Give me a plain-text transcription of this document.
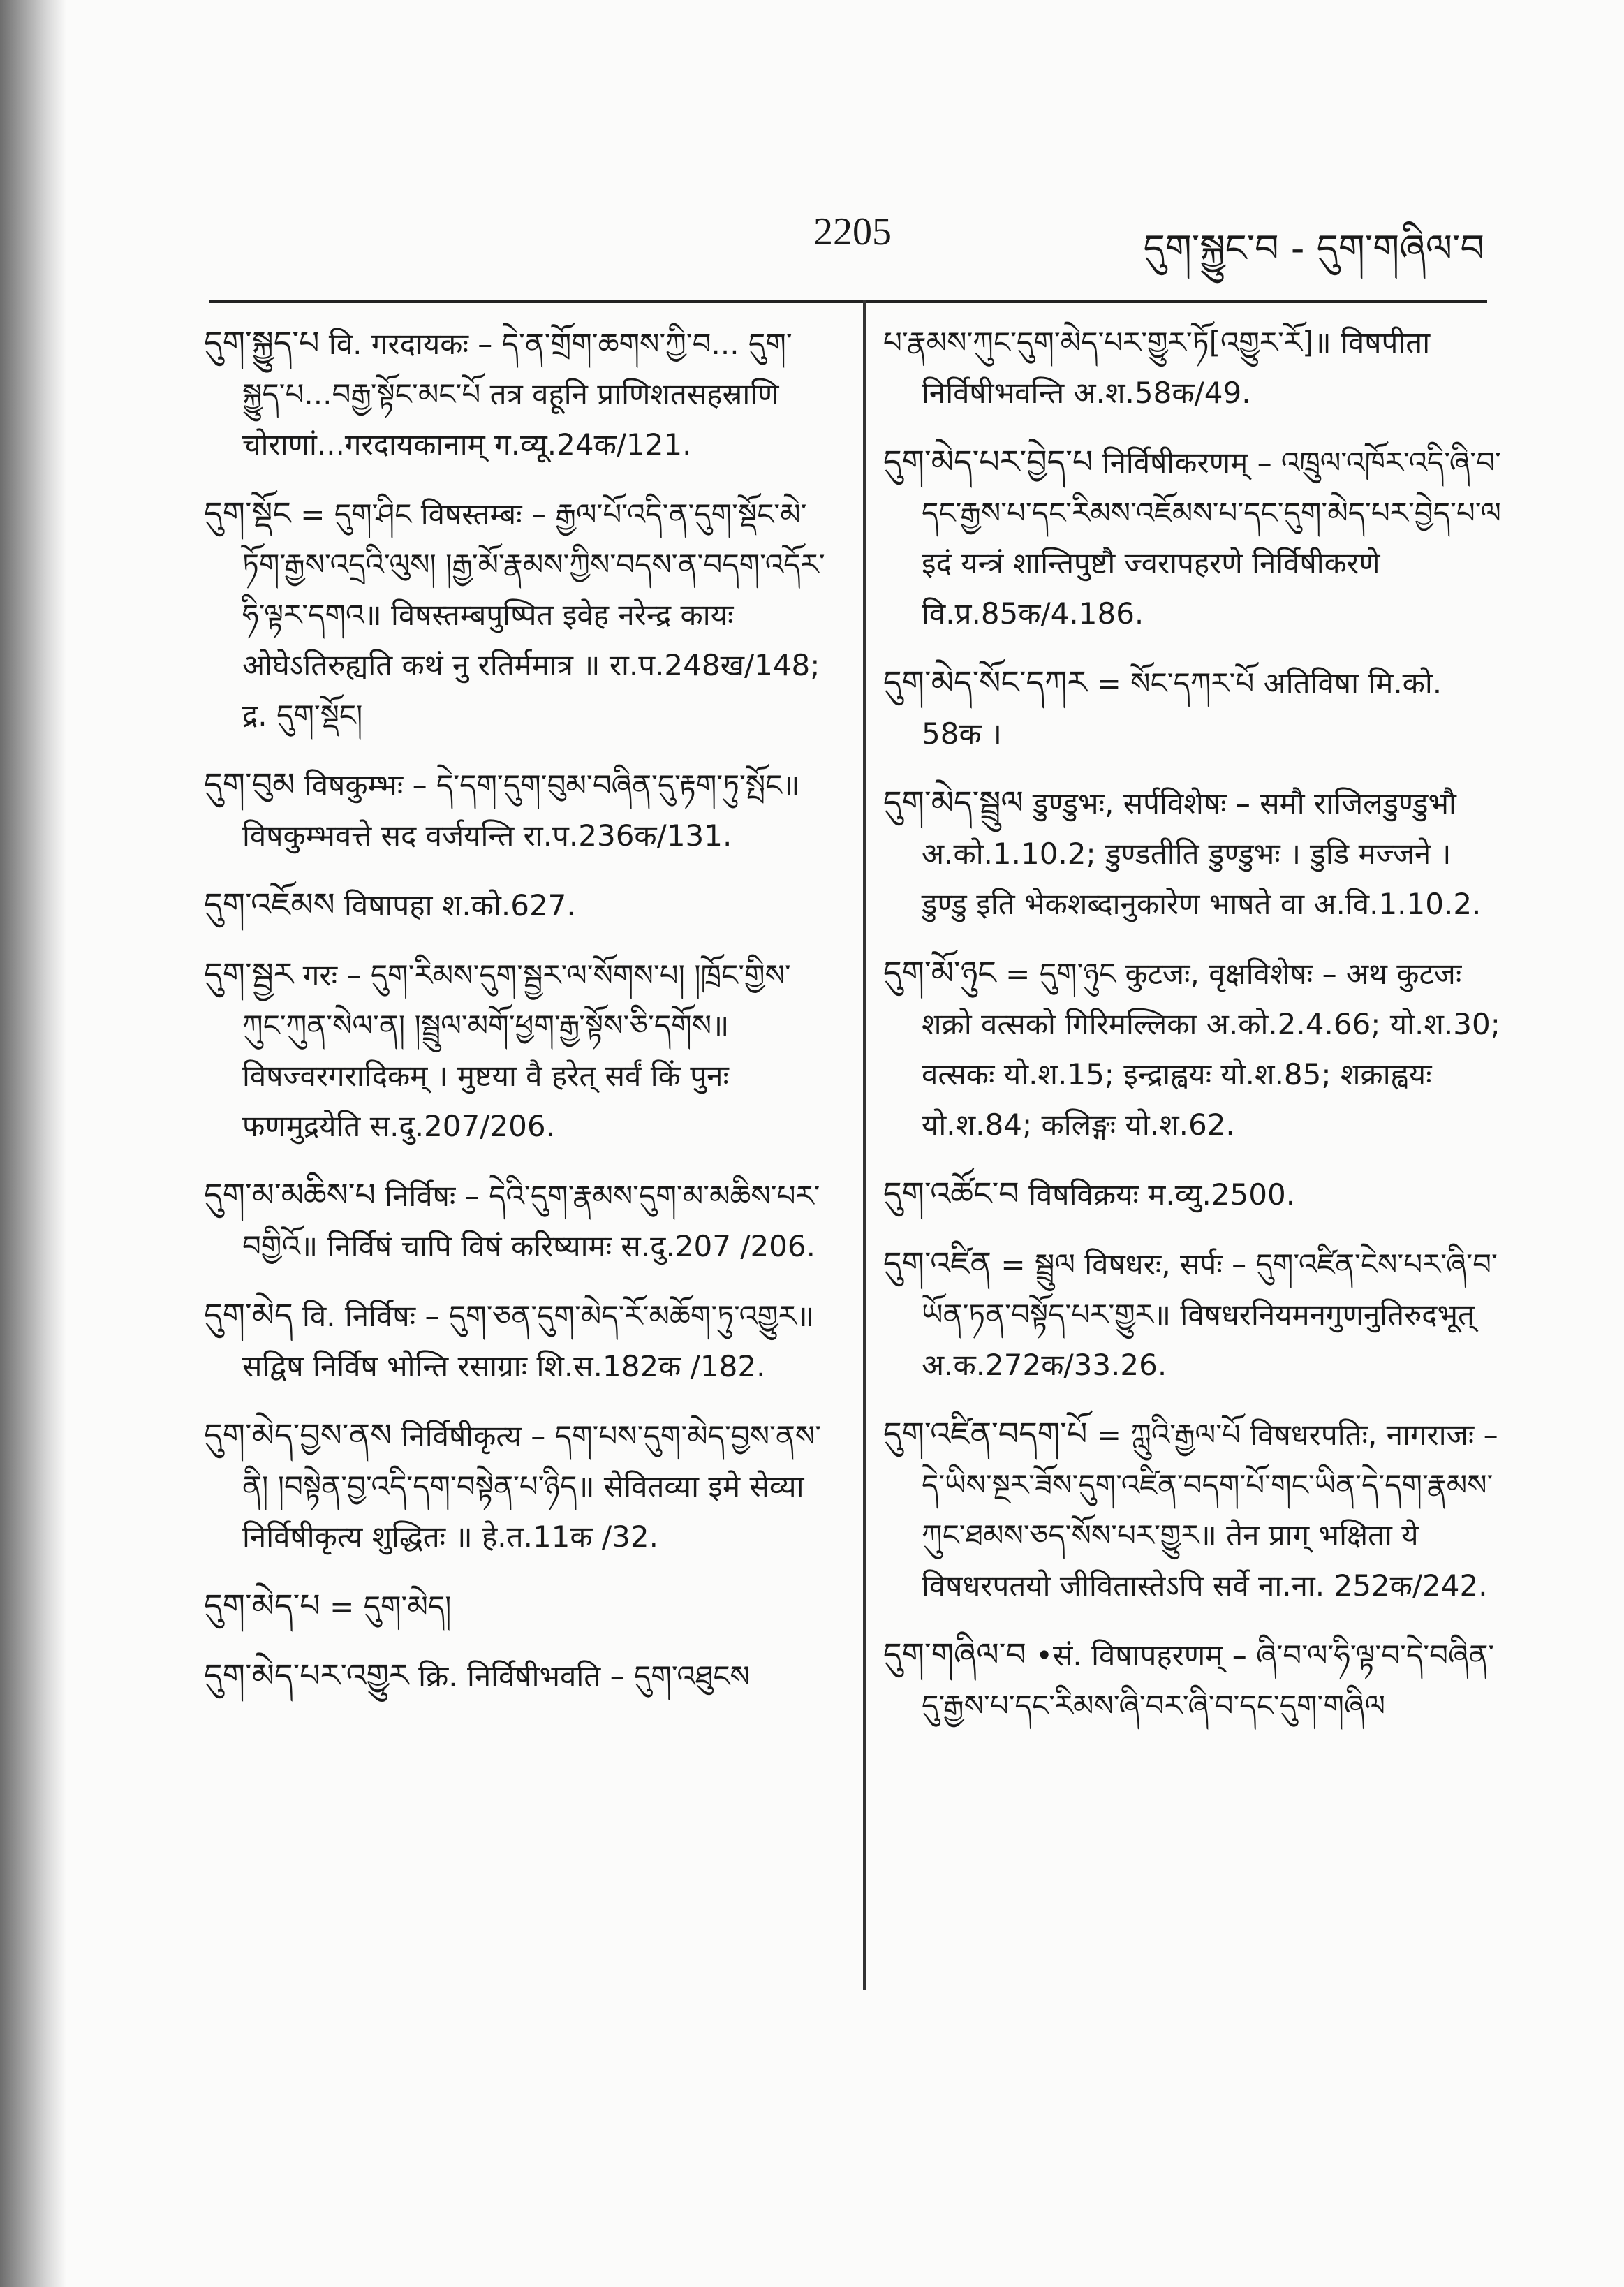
2205	དུག་སྐྱུང་བ - དུག་གཞིལ་བ
དུག་སྐྱུད་པ वि. गरदायकः – དེ་ན་གྲོག་ཆགས་ཀྱི་བ... དུག་སྐྱུད་པ...བརྒྱ་སྟོང་མང་པོ तत्र वहूनि प्राणिशतसहस्राणि चोराणां...गरदायकानाम् ग.व्यू.24क/121.
དུག་སྡོང = དུག་ཤིང विषस्तम्बः – རྒྱལ་པོ་འདི་ན་དུག་སྡོང་མེ་ཏོག་རྒྱས་འདྲའི་ལུས། །རྒྱ་མོ་རྣམས་ཀྱིས་བདས་ན་བདག་འདོར་ཧི་ལྟར་དགའ॥ विषस्तम्बपुष्पित इवेह नरेन्द्र कायः ओघेऽतिरुह्यति कथं नु रतिर्ममात्र ॥ रा.प.248ख/148; द्र. དུག་སྡོང།
དུག་བུམ विषकुम्भः – དེ་དག་དུག་བུམ་བཞིན་དུ་རྟག་ཏུ་སྤོང॥ विषकुम्भवत्ते सद वर्जयन्ति रा.प.236क/131.
དུག་འཇོམས विषापहा श.को.627.
དུག་སྦྱར गरः – དུག་རིམས་དུག་སྦྱར་ལ་སོགས་པ། །ཁྲོང་གྱིས་ཀུང་ཀུན་སེལ་ན། །སྦྲུལ་མགོ་ཕྱག་རྒྱ་སྟོས་ཅི་དགོས॥ विषज्वरगरादिकम् । मुष्टया वै हरेत् सर्वं किं पुनः फणमुद्रयेति स.दु.207/206.
དུག་མ་མཆིས་པ निर्विषः – དེའི་དུག་རྣམས་དུག་མ་མཆིས་པར་བགྱིའོ॥ निर्विषं चापि विषं करिष्यामः स.दु.207 /206.
དུག་མེད वि. निर्विषः – དུག་ཅན་དུག་མེད་རོ་མཆོག་ཏུ་འགྱུར॥ सद्विष निर्विष भोन्ति रसाग्राः शि.स.182क /182.
དུག་མེད་བྱས་ནས निर्विषीकृत्य – དག་པས་དུག་མེད་བྱས་ནས་ནི། །བསྟེན་བྱ་འདི་དག་བསྟེན་པ་ཉིད॥ सेवितव्या इमे सेव्या निर्विषीकृत्य शुद्धितः ॥ हे.त.11क /32.
དུག་མེད་པ = དུག་མེད།
དུག་མེད་པར་འགྱུར क्रि. निर्विषीभवति – དུག་འཐུངས
པ་རྣམས་ཀུང་དུག་མེད་པར་གྱུར་ཏོ[འགྱུར་རོ]॥ विषपीता निर्विषीभवन्ति अ.श.58क/49.
དུག་མེད་པར་བྱེད་པ निर्विषीकरणम् – འཁྲུལ་འཁོར་འདི་ཞི་བ་དང་རྒྱས་པ་དང་རིམས་འཇོམས་པ་དང་དུག་མེད་པར་བྱེད་པ་ལ इदं यन्त्रं शान्तिपुष्टौ ज्वरापहरणे निर्विषीकरणे वि.प्र.85क/4.186.
དུག་མེད་སོང་དཀར = སོང་དཀར་པོ अतिविषा मि.को. 58क ।
དུག་མེད་སྦྲུལ डुण्डुभः, सर्पविशेषः – समौ राजिलडुण्डुभौ अ.को.1.10.2; डुण्डतीति डुण्डुभः । डुडि मज्जने । डुण्डु इति भेकशब्दानुकारेण भाषते वा अ.वि.1.10.2.
དུག་མོ་ཉུང = དུག་ཉུང कुटजः, वृक्षविशेषः – अथ कुटजः शक्रो वत्सको गिरिमल्लिका अ.को.2.4.66; यो.श.30; वत्सकः यो.श.15; इन्द्राह्वयः यो.श.85; शक्राह्वयः यो.श.84; कलिङ्गः यो.श.62.
དུག་འཚོང་བ विषविक्रयः म.व्यु.2500.
དུག་འཛིན = སྦྲུལ विषधरः, सर्पः – དུག་འཛིན་ངེས་པར་ཞི་བ་ཡོན་ཏན་བསྟོད་པར་གྱུར॥ विषधरनियमनगुणनुतिरुदभूत् अ.क.272क/33.26.
དུག་འཛིན་བདག་པོ = ཀླུའི་རྒྱལ་པོ विषधरपतिः, नागराजः – དེ་ཡིས་སྔར་ཟོས་དུག་འཛིན་བདག་པོ་གང་ཡིན་དེ་དག་རྣམས་ཀུང་ཐམས་ཅད་སོས་པར་གྱུར॥ तेन प्राग् भक्षिता ये विषधरपतयो जीवितास्तेऽपि सर्वे ना.ना. 252क/242.
དུག་གཞིལ་བ •सं. विषापहरणम् – ཞི་བ་ལ་ཧི་ལྟ་བ་དེ་བཞིན་དུ་རྒྱས་པ་དང་རིམས་ཞི་བར་ཞི་བ་དང་དུག་གཞིལ
